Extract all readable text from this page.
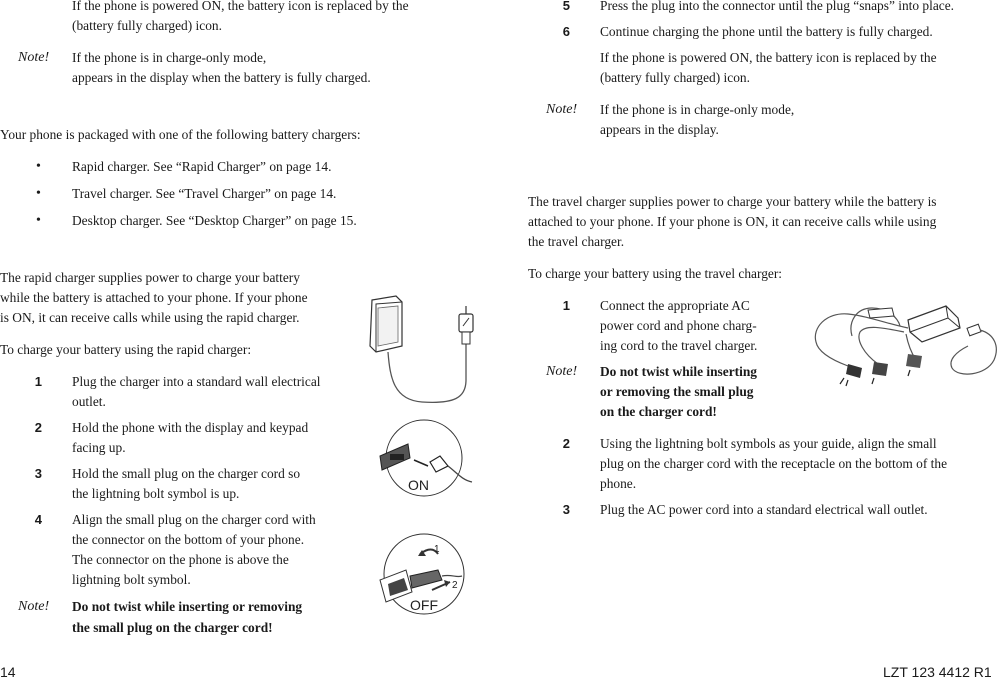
If the phone is powered ON, the battery icon is replaced by the
(battery fully charged) icon.
Note! If the phone is in charge-only mode,
appears in the display when the battery is fully charged.
Your phone is packaged with one of the following battery chargers:
• Rapid charger. See “Rapid Charger” on page 14.
• Travel charger. See “Travel Charger” on page 14.
• Desktop charger. See “Desktop Charger” on page 15.
The rapid charger supplies power to charge your battery
while the battery is attached to your phone. If your phone
is ON, it can receive calls while using the rapid charger.
To charge your battery using the rapid charger:
1 Plug the charger into a standard wall electrical
outlet.
2 Hold the phone with the display and keypad
facing up.
3 Hold the small plug on the charger cord so
the lightning bolt symbol is up.
4 Align the small plug on the charger cord with
the connector on the bottom of your phone.
The connector on the phone is above the
lightning bolt symbol.
Note! Do not twist while inserting or removing
the small plug on the charger cord!
ON
1
2
OFF
5 Press the plug into the connector until the plug “snaps” into place.
6 Continue charging the phone until the battery is fully charged.
If the phone is powered ON, the battery icon is replaced by the
(battery fully charged) icon.
Note! If the phone is in charge-only mode,
appears in the display.
The travel charger supplies power to charge your battery while the battery is
attached to your phone. If your phone is ON, it can receive calls while using
the travel charger.
To charge your battery using the travel charger:
1 Connect the appropriate AC
power cord and phone charg-
ing cord to the travel charger.
Note! Do not twist while inserting
or removing the small plug
on the charger cord!
2 Using the lightning bolt symbols as your guide, align the small
plug on the charger cord with the receptacle on the bottom of the
phone.
3 Plug the AC power cord into a standard electrical wall outlet.
14	LZT 123 4412 R1
